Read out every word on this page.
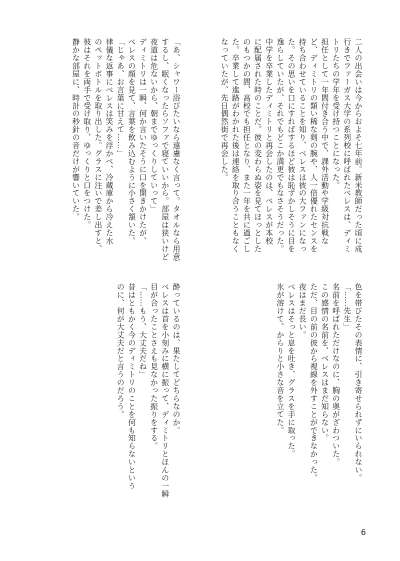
二人の出会いは今からおよそ七年前。新米教師だった頃に成
行きでファーガス大学の系列校に呼ばれたベレスは、ディミ
トリたちの学年を受け持つことになった。
担任として一年間付き合う中で、課外活動や学級対抗戦な
ど、ディミトリの類い稀な剣の腕や、人一倍優れたセンスを
持ち合わせていることを知り、ベレスは彼の大ファンになっ
た。その思いを口にすればするほど彼は恥ずかしそうに目を
逸らしていたが、それでもどこか満更でもなさそうだった。
中学を卒業したディミトリと再会したのは、ベレスが本校
に配属された時のことだ。彼の変わらぬ姿を見てほっとした
のもつかの間、高校でも担任となり、また一年を共に過ごし
た。卒業して進路がわかれた後は連絡を取り合うこともなく
なっていたが、先日偶然街で再会した。
「あ、シャワー浴びたいなら遠慮なく言って。タオルなら用意
するし、眠くなったらソファで寝ていいから。部屋は狭いけど
夜道は危ないから、朝までゆっくりしていって」
ディミトリは一瞬、何か言いたそうに口を開きかけたが、
ベレスの顔を見て、言葉を飲み込むように小さく頷いた。
「じゃあ、お言葉に甘えて……」
律儀な返事にベレスは笑みを浮かべ、冷蔵庫から冷えた水
のペットボトルを取り出した。グラスに注いで差し出すと、
彼はそれを両手で受け取り、ゆっくりと口をつけた。
静かな部屋に、時計の秒針の音だけが響いていた。
色を帯びたその表情に、引き寄せられずにいられない。
「……先生」
名前を呼ばれただけなのに、胸の奥がざわついた。
この感情の名前を、ベレスはまだ知らない。
ただ、目の前の彼から視線を外すことができなかった。
夜はまだ長い。
ベレスはそっと息を吐き、グラスを手に取った。
氷が溶けて、からりと小さな音を立てた。
酔っているのは、果たしてどちらなのか。
ベレスは首を小刻みに横に振って、ディミトリとほんの一瞬
目が合ったことさえも見なかった振りをする。
「……もう、大丈夫だね」
昔はともかく今のディミトリのことを何も知らないという
のに、何が大丈夫だと言うのだろう。
6
